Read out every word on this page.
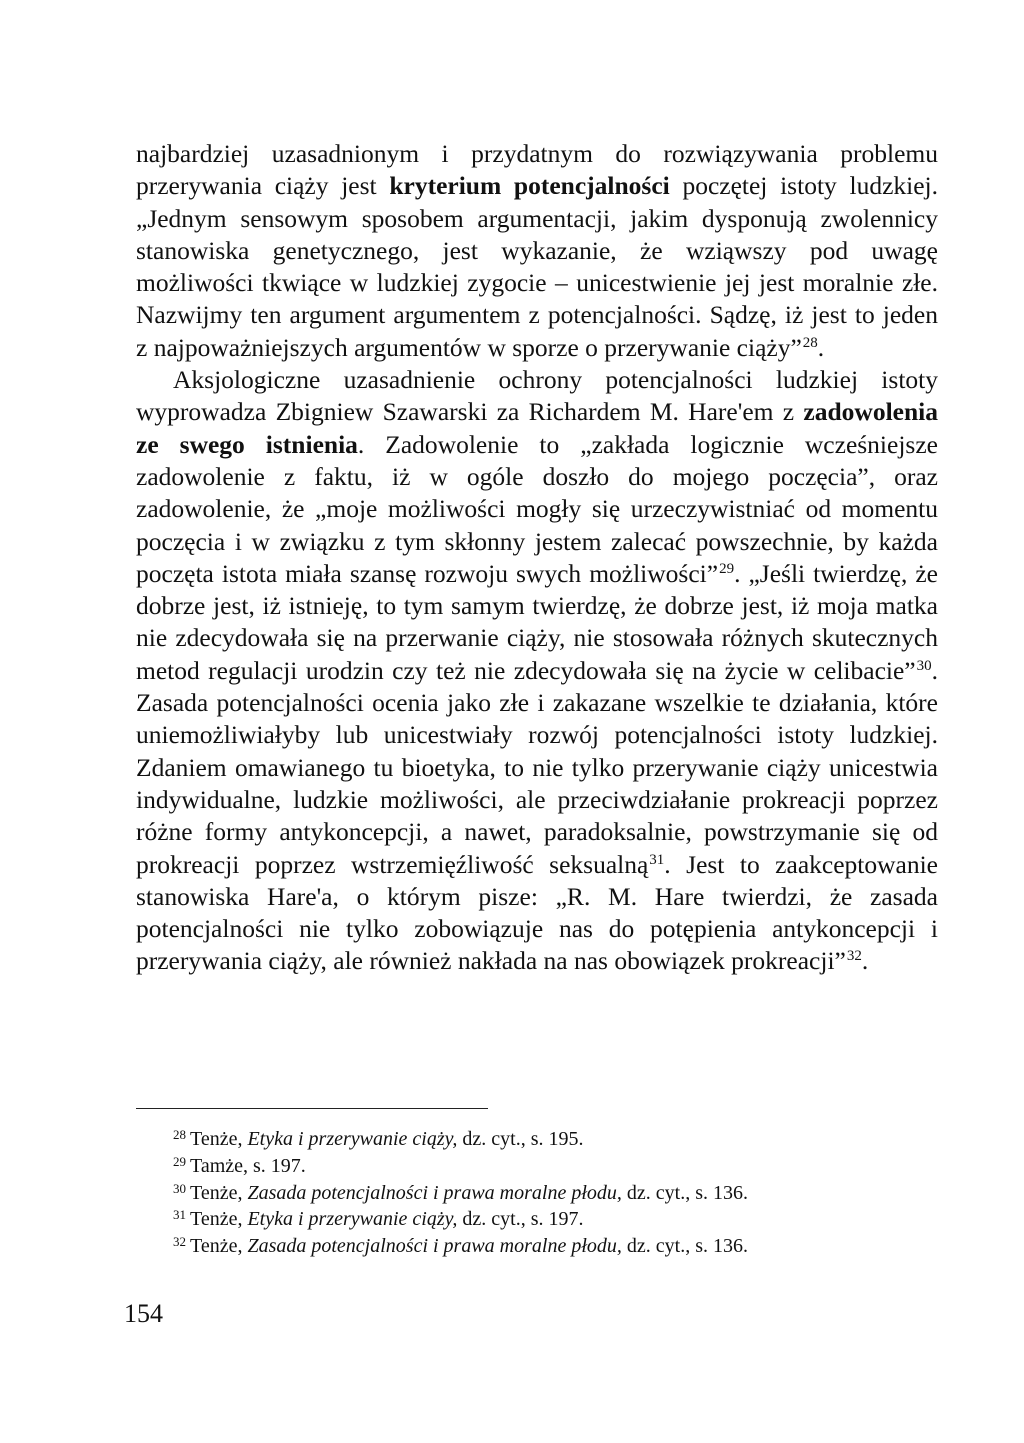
najbardziej uzasadnionym i przydatnym do rozwiązywania problemu przerywania ciąży jest kryterium potencjalności poczętej istoty ludzkiej. „Jednym sensowym sposobem argumentacji, jakim dysponują zwolennicy stanowiska genetycznego, jest wykazanie, że wziąwszy pod uwagę możliwości tkwiące w ludzkiej zygocie – unicestwienie jej jest moralnie złe. Nazwijmy ten argument argumentem z potencjalności. Sądzę, iż jest to jeden z najpoważniejszych argumentów w sporze o przerywanie ciąży”$^{28}$.

Aksjologiczne uzasadnienie ochrony potencjalności ludzkiej istoty wyprowadza Zbigniew Szawarski za Richardem M. Hare'em z zadowolenia ze swego istnienia. Zadowolenie to „zakłada logicznie wcześniejsze zadowolenie z faktu, iż w ogóle doszło do mojego poczęcia”, oraz zadowolenie, że „moje możliwości mogły się urzeczywistniać od momentu poczęcia i w związku z tym skłonny jestem zalecać powszechnie, by każda poczęta istota miała szansę rozwoju swych możliwości”$^{29}$. „Jeśli twierdzę, że dobrze jest, iż istnieję, to tym samym twierdzę, że dobrze jest, iż moja matka nie zdecydowała się na przerwanie ciąży, nie stosowała różnych skutecznych metod regulacji urodzin czy też nie zdecydowała się na życie w celibacie”$^{30}$. Zasada potencjalności ocenia jako złe i zakazane wszelkie te działania, które uniemożliwiałyby lub unicestwiały rozwój potencjalności istoty ludzkiej. Zdaniem omawianego tu bioetyka, to nie tylko przerywanie ciąży unicestwia indywidualne, ludzkie możliwości, ale przeciwdziałanie prokreacji poprzez różne formy antykoncepcji, a nawet, paradoksalnie, powstrzymanie się od prokreacji poprzez wstrzemięźliwość seksualną$^{31}$. Jest to zaakceptowanie stanowiska Hare'a, o którym pisze: „R. M. Hare twierdzi, że zasada potencjalności nie tylko zobowiązuje nas do potępienia antykoncepcji i przerywania ciąży, ale również nakłada na nas obowiązek prokreacji”$^{32}$.

$^{28}$ Tenże, Etyka i przerywanie ciąży, dz. cyt., s. 195.
$^{29}$ Tamże, s. 197.
$^{30}$ Tenże, Zasada potencjalności i prawa moralne płodu, dz. cyt., s. 136.
$^{31}$ Tenże, Etyka i przerywanie ciąży, dz. cyt., s. 197.
$^{32}$ Tenże, Zasada potencjalności i prawa moralne płodu, dz. cyt., s. 136.
154
